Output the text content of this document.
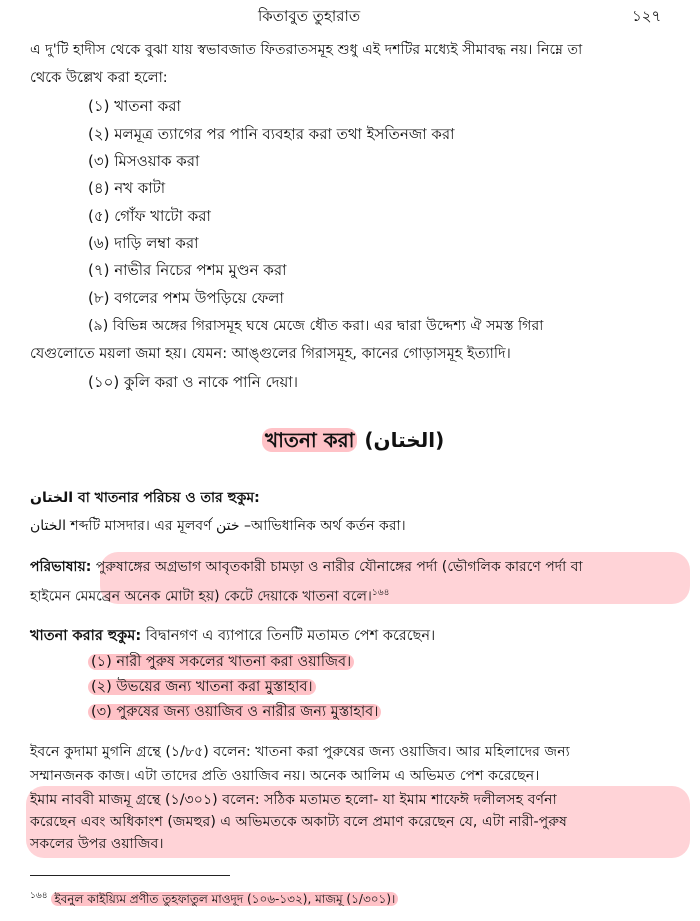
কিতাবুত তুহারাত	১২৭
এ দু'টি হাদীস থেকে বুঝা যায় স্বভাবজাত ফিতরাতসমূহ শুধু এই দশটির মধ্যেই সীমাবদ্ধ নয়। নিম্নে তা
থেকে উল্লেখ করা হলো:
(১) খাতনা করা
(২) মলমূত্র ত্যাগের পর পানি ব্যবহার করা তথা ইসতিনজা করা
(৩) মিসওয়াক করা
(৪) নখ কাটা
(৫) গোঁফ খাটো করা
(৬) দাড়ি লম্বা করা
(৭) নাভীর নিচের পশম মুণ্ডন করা
(৮) বগলের পশম উপড়িয়ে ফেলা
(৯) বিভিন্ন অঙ্গের গিরাসমূহ ঘষে মেজে ধৌত করা। এর দ্বারা উদ্দেশ্য ঐ সমস্ত গিরা
যেগুলোতে ময়লা জমা হয়। যেমন: আঙ্গুলের গিরাসমূহ, কানের গোড়াসমূহ ইত্যাদি।
(১০) কুলি করা ও নাকে পানি দেয়া।
খাতনা করা (الختان)
الختان বা খাতনার পরিচয় ও তার হুকুম:
الختان শব্দটি মাসদার। এর মূলবর্ণ ختن –আভিধানিক অর্থ কর্তন করা।
পরিভাষায়: পুরুষাঙ্গের অগ্রভাগ আবৃতকারী চামড়া ও নারীর যৌনাঙ্গের পর্দা (ভৌগলিক কারণে পর্দা বা
হাইমেন মেমব্রেন অনেক মোটা হয়) কেটে দেয়াকে খাতনা বলে।$^{১৬৪}$
খাতনা করার হুকুম: বিদ্বানগণ এ ব্যাপারে তিনটি মতামত পেশ করেছেন।
(১) নারী পুরুষ সকলের খাতনা করা ওয়াজিব।
(২) উভয়ের জন্য খাতনা করা মুস্তাহাব।
(৩) পুরুষের জন্য ওয়াজিব ও নারীর জন্য মুস্তাহাব।
ইবনে কুদামা মুগনি গ্রন্থে (১/৮৫) বলেন: খাতনা করা পুরুষের জন্য ওয়াজিব। আর মহিলাদের জন্য
সম্মানজনক কাজ। এটা তাদের প্রতি ওয়াজিব নয়। অনেক আলিম এ অভিমত পেশ করেছেন।
ইমাম নাববী মাজমূ গ্রন্থে (১/৩০১) বলেন: সঠিক মতামত হলো- যা ইমাম শাফেঈ দলীলসহ বর্ণনা
করেছেন এবং অধিকাংশ (জমহুর) এ অভিমতকে অকাট্য বলে প্রমাণ করেছেন যে, এটা নারী-পুরুষ
সকলের উপর ওয়াজিব।
$^{১৬৪}$ ইবনুল কাইয়্যিম প্রণীত তুহফাতুল মাওদূদ (১০৬-১৩২), মাজমূ (১/৩০১)।
